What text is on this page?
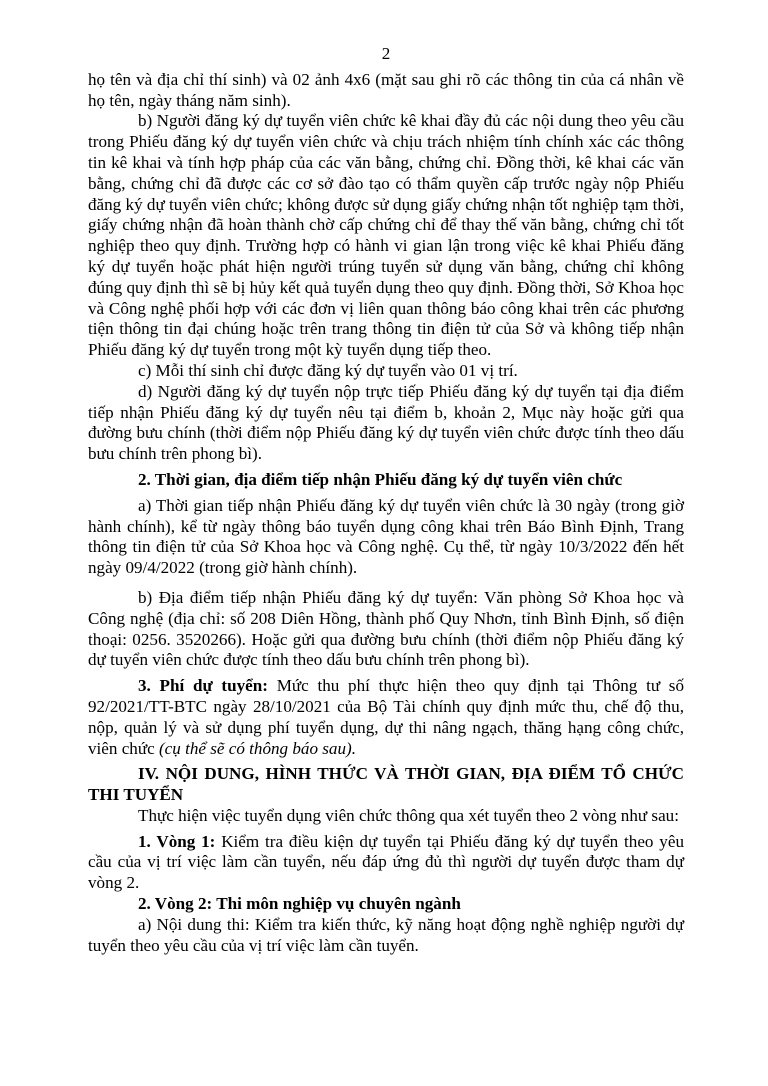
2

họ tên và địa chỉ thí sinh) và 02 ảnh 4x6 (mặt sau ghi rõ các thông tin của cá nhân về họ tên, ngày tháng năm sinh).

b) Người đăng ký dự tuyển viên chức kê khai đầy đủ các nội dung theo yêu cầu trong Phiếu đăng ký dự tuyển viên chức và chịu trách nhiệm tính chính xác các thông tin kê khai và tính hợp pháp của các văn bằng, chứng chỉ. Đồng thời, kê khai các văn bằng, chứng chỉ đã được các cơ sở đào tạo có thẩm quyền cấp trước ngày nộp Phiếu đăng ký dự tuyển viên chức; không được sử dụng giấy chứng nhận tốt nghiệp tạm thời, giấy chứng nhận đã hoàn thành chờ cấp chứng chỉ để thay thế văn bằng, chứng chỉ tốt nghiệp theo quy định. Trường hợp có hành vi gian lận trong việc kê khai Phiếu đăng ký dự tuyển hoặc phát hiện người trúng tuyển sử dụng văn bằng, chứng chỉ không đúng quy định thì sẽ bị hủy kết quả tuyển dụng theo quy định. Đồng thời, Sở Khoa học và Công nghệ phối hợp với các đơn vị liên quan thông báo công khai trên các phương tiện thông tin đại chúng hoặc trên trang thông tin điện tử của Sở và không tiếp nhận Phiếu đăng ký dự tuyển trong một kỳ tuyển dụng tiếp theo.

c) Mỗi thí sinh chỉ được đăng ký dự tuyển vào 01 vị trí.

d) Người đăng ký dự tuyển nộp trực tiếp Phiếu đăng ký dự tuyển tại địa điểm tiếp nhận Phiếu đăng ký dự tuyển nêu tại điểm b, khoản 2, Mục này hoặc gửi qua đường bưu chính (thời điểm nộp Phiếu đăng ký dự tuyển viên chức được tính theo dấu bưu chính trên phong bì).

2. Thời gian, địa điểm tiếp nhận Phiếu đăng ký dự tuyển viên chức

a) Thời gian tiếp nhận Phiếu đăng ký dự tuyển viên chức là 30 ngày (trong giờ hành chính), kể từ ngày thông báo tuyển dụng công khai trên Báo Bình Định, Trang thông tin điện tử của Sở Khoa học và Công nghệ. Cụ thể, từ ngày 10/3/2022 đến hết ngày 09/4/2022 (trong giờ hành chính).

b) Địa điểm tiếp nhận Phiếu đăng ký dự tuyển: Văn phòng Sở Khoa học và Công nghệ (địa chỉ: số 208 Diên Hồng, thành phố Quy Nhơn, tỉnh Bình Định, số điện thoại: 0256. 3520266). Hoặc gửi qua đường bưu chính (thời điểm nộp Phiếu đăng ký dự tuyển viên chức được tính theo dấu bưu chính trên phong bì).

3. Phí dự tuyển: Mức thu phí thực hiện theo quy định tại Thông tư số 92/2021/TT-BTC ngày 28/10/2021 của Bộ Tài chính quy định mức thu, chế độ thu, nộp, quản lý và sử dụng phí tuyển dụng, dự thi nâng ngạch, thăng hạng công chức, viên chức (cụ thể sẽ có thông báo sau).

IV. NỘI DUNG, HÌNH THỨC VÀ THỜI GIAN, ĐỊA ĐIỂM TỔ CHỨC THI TUYỂN

Thực hiện việc tuyển dụng viên chức thông qua xét tuyển theo 2 vòng như sau:

1. Vòng 1: Kiểm tra điều kiện dự tuyển tại Phiếu đăng ký dự tuyển theo yêu cầu của vị trí việc làm cần tuyển, nếu đáp ứng đủ thì người dự tuyển được tham dự vòng 2.

2. Vòng 2: Thi môn nghiệp vụ chuyên ngành

a) Nội dung thi: Kiểm tra kiến thức, kỹ năng hoạt động nghề nghiệp người dự tuyển theo yêu cầu của vị trí việc làm cần tuyển.
